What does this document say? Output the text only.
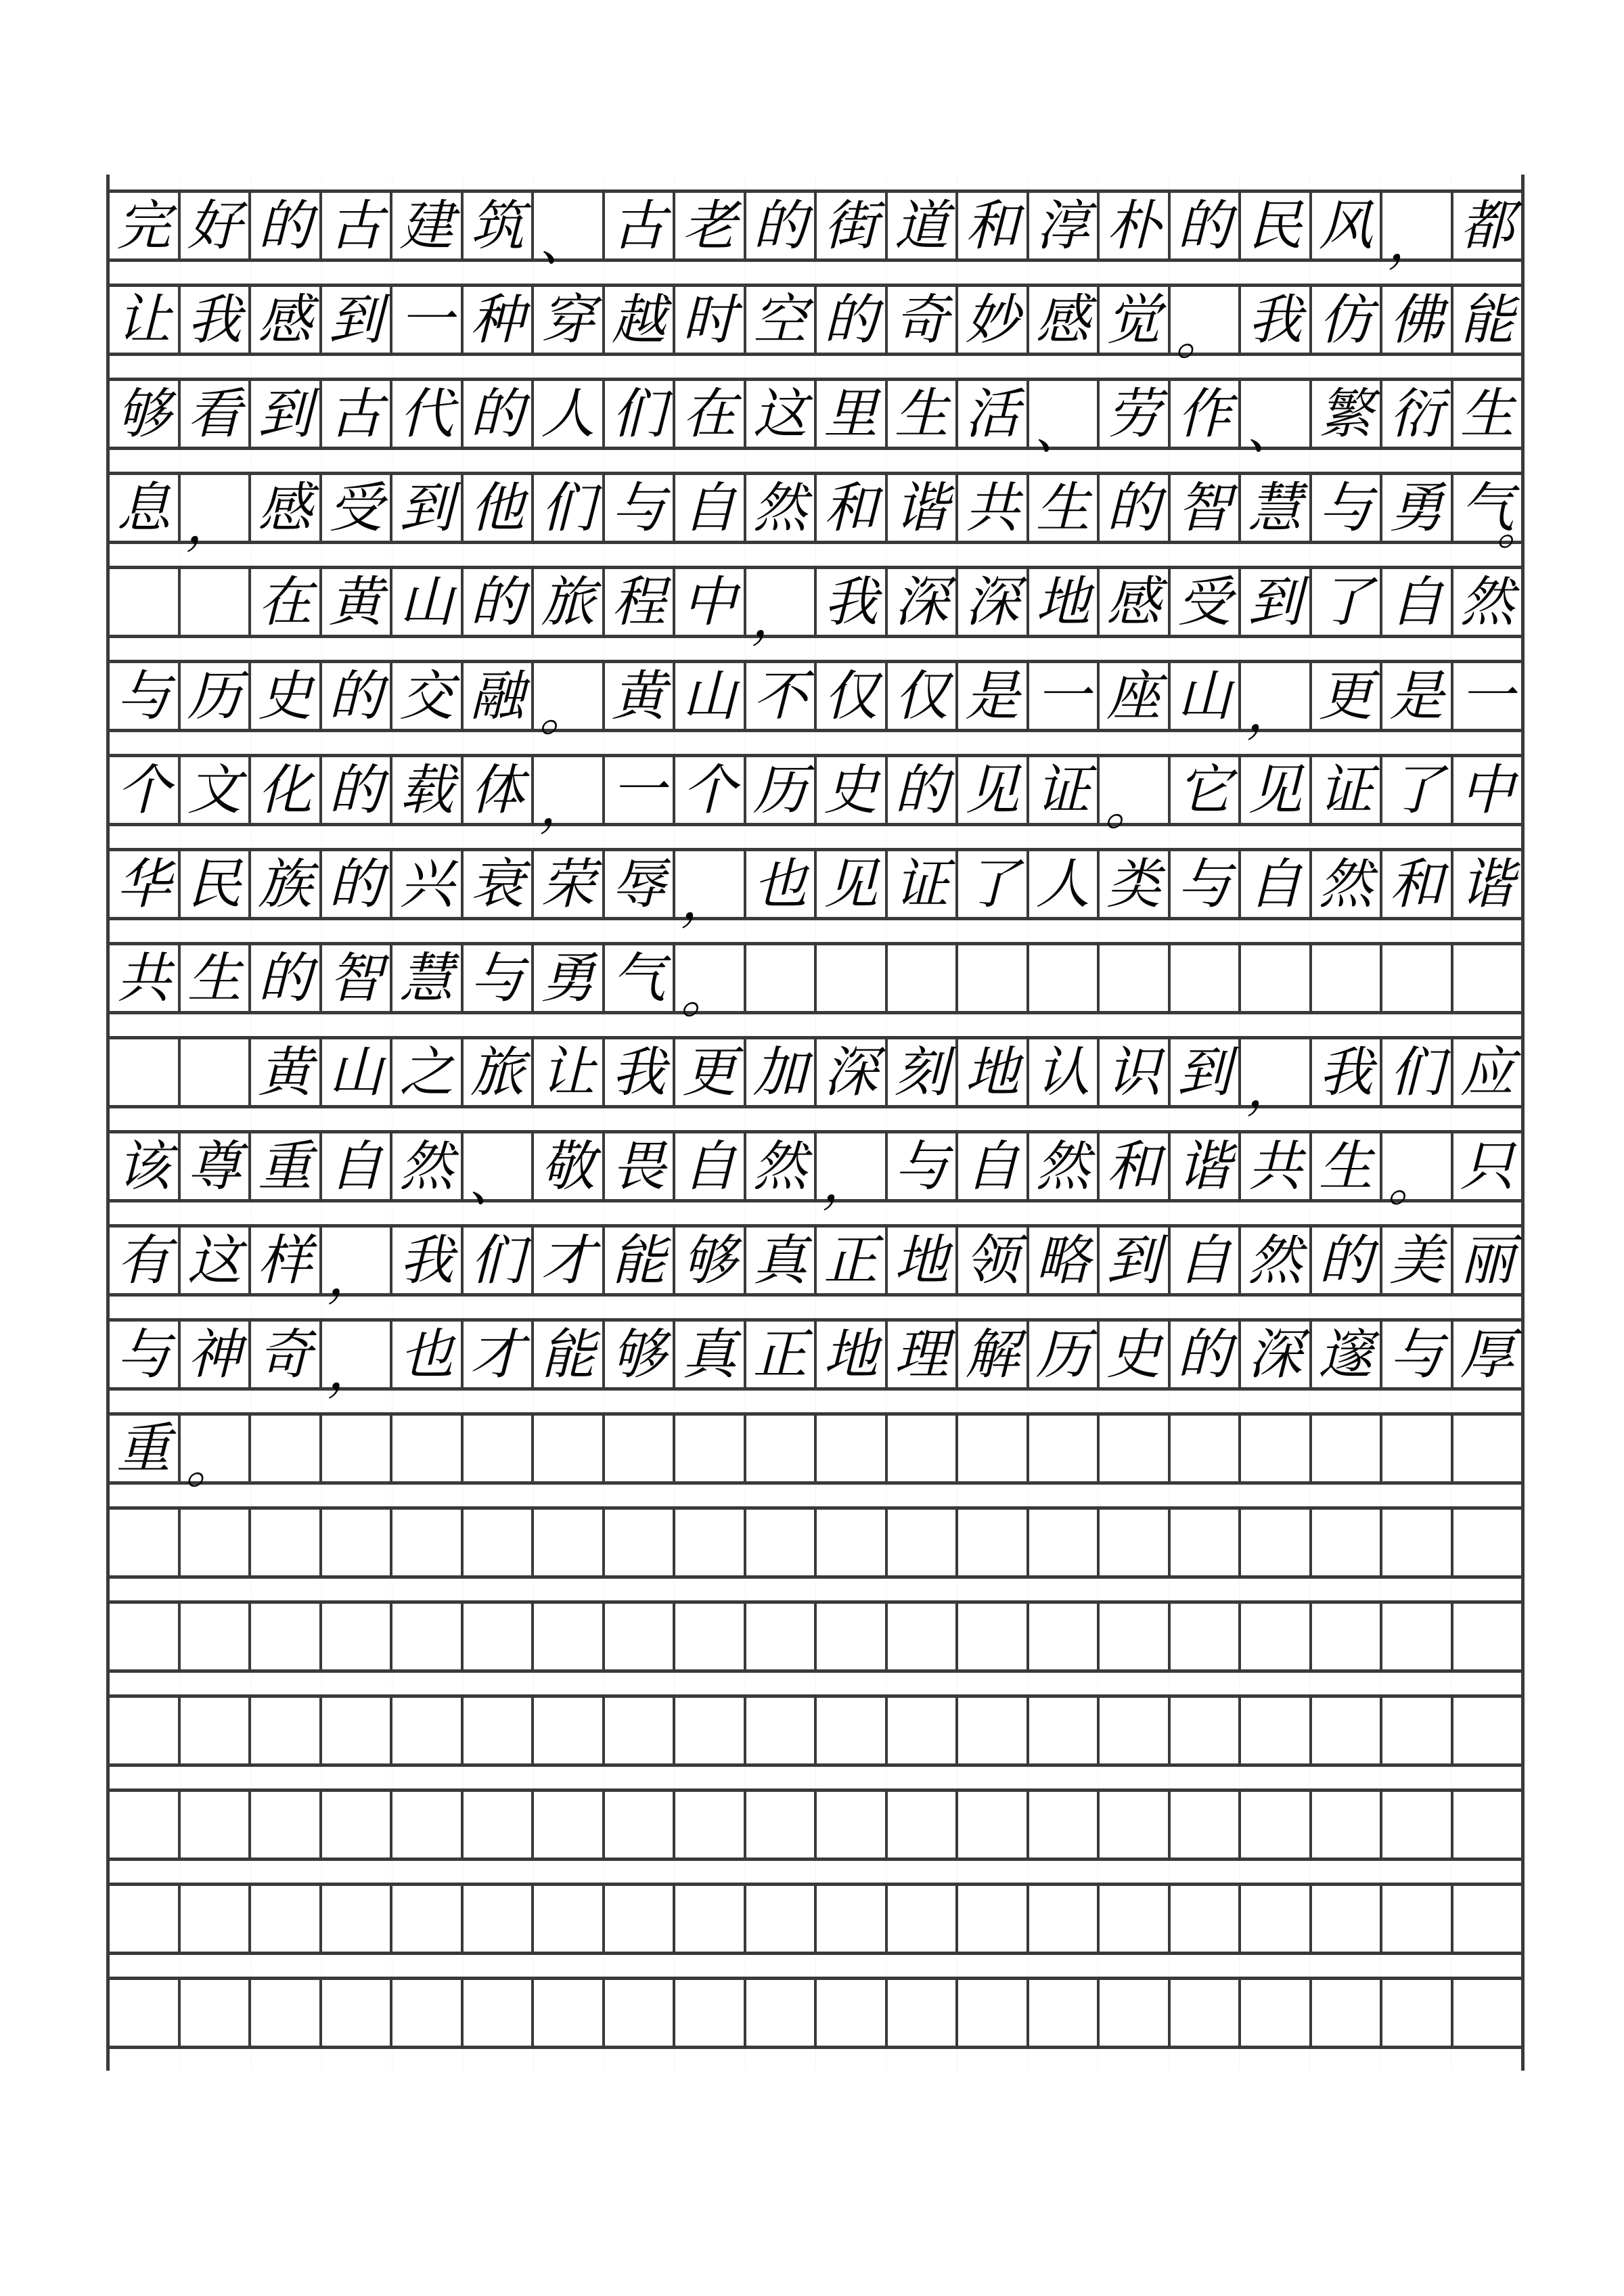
完 好 的 古 建 筑 、 古 老 的 街 道 和 淳 朴 的 民 风 ， 都
让 我 感 到 一 种 穿 越 时 空 的 奇 妙 感 觉 。 我 仿 佛 能
够 看 到 古 代 的 人 们 在 这 里 生 活 、 劳 作 、 繁 衍 生
息 ， 感 受 到 他 们 与 自 然 和 谐 共 生 的 智 慧 与 勇 气
。
在 黄 山 的 旅 程 中 ， 我 深 深 地 感 受 到 了 自 然
与 历 史 的 交 融 。 黄 山 不 仅 仅 是 一 座 山 ， 更 是 一
个 文 化 的 载 体 ， 一 个 历 史 的 见 证 。 它 见 证 了 中
华 民 族 的 兴 衰 荣 辱 ， 也 见 证 了 人 类 与 自 然 和 谐
共 生 的 智 慧 与 勇 气 。
黄 山 之 旅 让 我 更 加 深 刻 地 认 识 到 ， 我 们 应
该 尊 重 自 然 、 敬 畏 自 然 ， 与 自 然 和 谐 共 生 。 只
有 这 样 ， 我 们 才 能 够 真 正 地 领 略 到 自 然 的 美 丽
与 神 奇 ， 也 才 能 够 真 正 地 理 解 历 史 的 深 邃 与 厚
重 。
